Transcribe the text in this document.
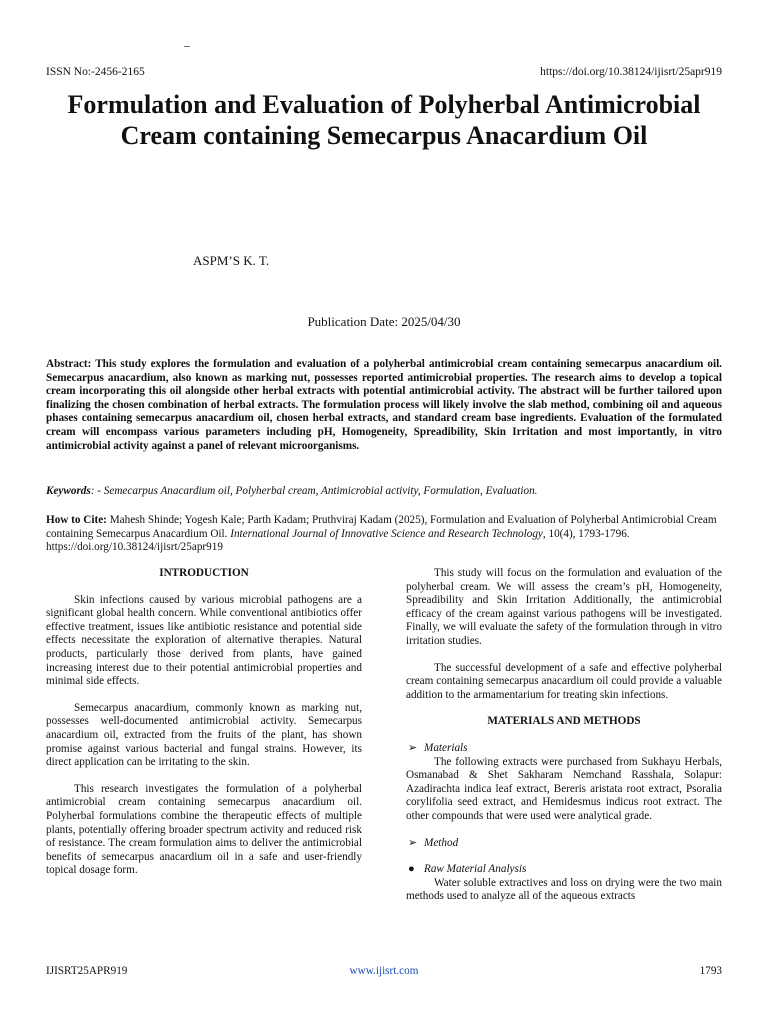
–
ISSN No:-2456-2165	https://doi.org/10.38124/ijisrt/25apr919
Formulation and Evaluation of Polyherbal Antimicrobial Cream containing Semecarpus Anacardium Oil
ASPM’S K. T.
Publication Date: 2025/04/30
Abstract: This study explores the formulation and evaluation of a polyherbal antimicrobial cream containing semecarpus anacardium oil. Semecarpus anacardium, also known as marking nut, possesses reported antimicrobial properties. The research aims to develop a topical cream incorporating this oil alongside other herbal extracts with potential antimicrobial activity. The abstract will be further tailored upon finalizing the chosen combination of herbal extracts. The formulation process will likely involve the slab method, combining oil and aqueous phases containing semecarpus anacardium oil, chosen herbal extracts, and standard cream base ingredients. Evaluation of the formulated cream will encompass various parameters including pH, Homogeneity, Spreadibility, Skin Irritation and most importantly, in vitro antimicrobial activity against a panel of relevant microorganisms.
Keywords: - Semecarpus Anacardium oil, Polyherbal cream, Antimicrobial activity, Formulation, Evaluation.
How to Cite: Mahesh Shinde; Yogesh Kale; Parth Kadam; Pruthviraj Kadam (2025), Formulation and Evaluation of Polyherbal Antimicrobial Cream containing Semecarpus Anacardium Oil. International Journal of Innovative Science and Research Technology, 10(4), 1793-1796. https://doi.org/10.38124/ijisrt/25apr919

INTRODUCTION

Skin infections caused by various microbial pathogens are a significant global health concern. While conventional antibiotics offer effective treatment, issues like antibiotic resistance and potential side effects necessitate the exploration of alternative therapies. Natural products, particularly those derived from plants, have gained increasing interest due to their potential antimicrobial properties and minimal side effects.

Semecarpus anacardium, commonly known as marking nut, possesses well-documented antimicrobial activity. Semecarpus anacardium oil, extracted from the fruits of the plant, has shown promise against various bacterial and fungal strains. However, its direct application can be irritating to the skin.

This research investigates the formulation of a polyherbal antimicrobial cream containing semecarpus anacardium oil. Polyherbal formulations combine the therapeutic effects of multiple plants, potentially offering broader spectrum activity and reduced risk of resistance. The cream formulation aims to deliver the antimicrobial benefits of semecarpus anacardium oil in a safe and user-friendly topical dosage form.

This study will focus on the formulation and evaluation of the polyherbal cream. We will assess the cream’s pH, Homogeneity, Spreadibility and Skin Irritation Additionally, the antimicrobial efficacy of the cream against various pathogens will be investigated. Finally, we will evaluate the safety of the formulation through in vitro irritation studies.

The successful development of a safe and effective polyherbal cream containing semecarpus anacardium oil could provide a valuable addition to the armamentarium for treating skin infections.

MATERIALS AND METHODS

➢ Materials

The following extracts were purchased from Sukhayu Herbals, Osmanabad & Shet Sakharam Nemchand Rasshala, Solapur: Azadirachta indica leaf extract, Bereris aristata root extract, Psoralia corylifolia seed extract, and Hemidesmus indicus root extract. The other compounds that were used were analytical grade.

➢ Method
● Raw Material Analysis

Water soluble extractives and loss on drying were the two main methods used to analyze all of the aqueous extracts

IJISRT25APR919	www.ijisrt.com	1793
